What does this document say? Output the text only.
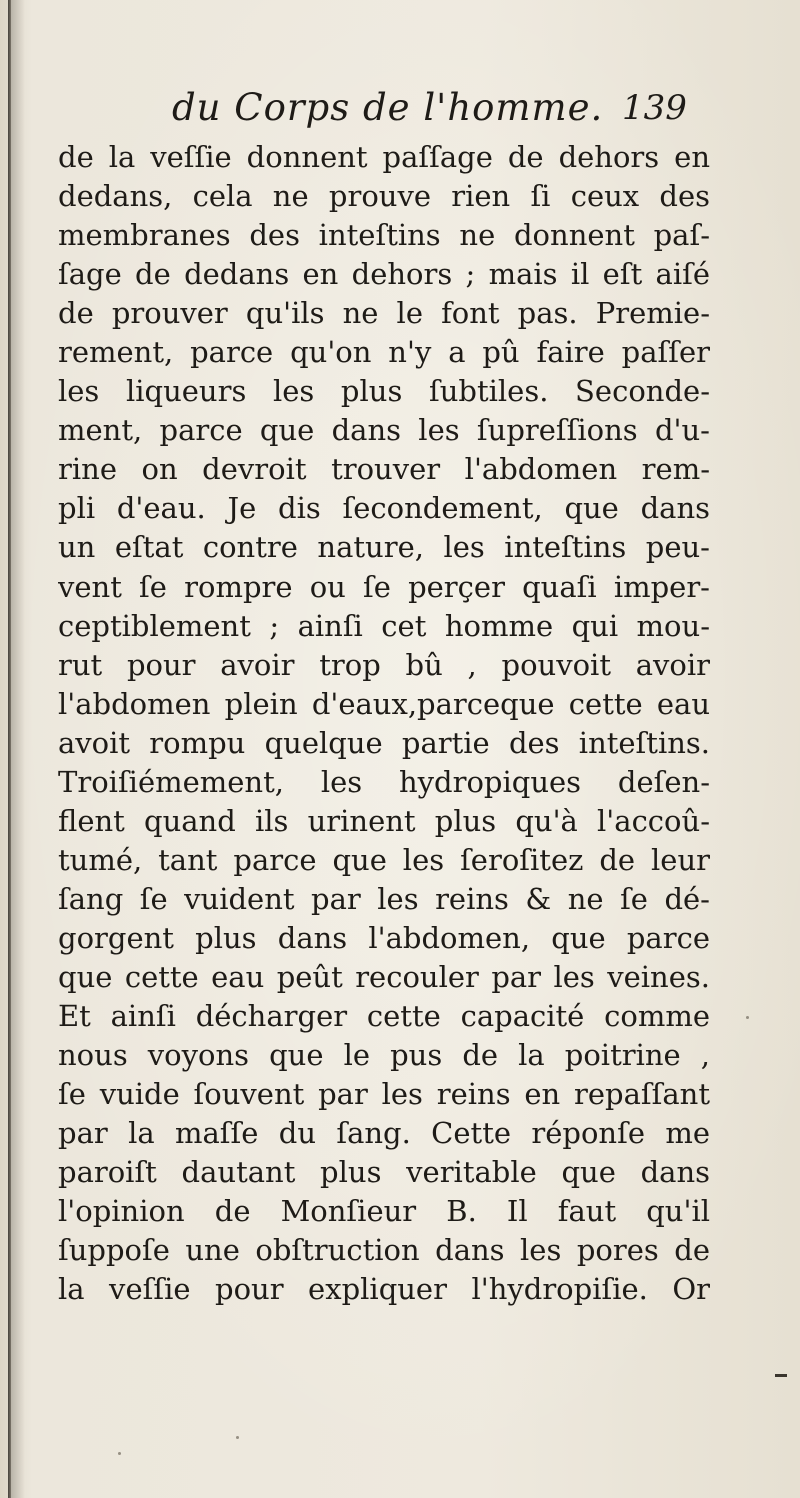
du Corps de l'homme. 139
de la veſſie donnent paſſage de dehors en
dedans, cela ne prouve rien ſi ceux des
membranes des inteſtins ne donnent paſ-
ſage de dedans en dehors ; mais il eſt aiſé
de prouver qu'ils ne le font pas. Premie-
rement, parce qu'on n'y a pû faire paſſer
les liqueurs les plus ſubtiles. Seconde-
ment, parce que dans les ſupreſſions d'u-
rine on devroit trouver l'abdomen rem-
pli d'eau. Je dis ſecondement, que dans
un eſtat contre nature, les inteſtins peu-
vent ſe rompre ou ſe perçer quaſi imper-
ceptiblement ; ainſi cet homme qui mou-
rut pour avoir trop bû , pouvoit avoir
l'abdomen plein d'eaux,parceque cette eau
avoit rompu quelque partie des inteſtins.
Troiſiémement, les hydropiques deſen-
flent quand ils urinent plus qu'à l'accoû-
tumé, tant parce que les ſeroſitez de leur
ſang ſe vuident par les reins & ne ſe dé-
gorgent plus dans l'abdomen, que parce
que cette eau peût recouler par les veines.
Et ainſi décharger cette capacité comme
nous voyons que le pus de la poitrine ,
ſe vuide ſouvent par les reins en repaſſant
par la maſſe du ſang. Cette réponſe me
paroiſt dautant plus veritable que dans
l'opinion de Monſieur B. Il faut qu'il
ſuppoſe une obſtruction dans les pores de
la veſſie pour expliquer l'hydropiſie. Or
